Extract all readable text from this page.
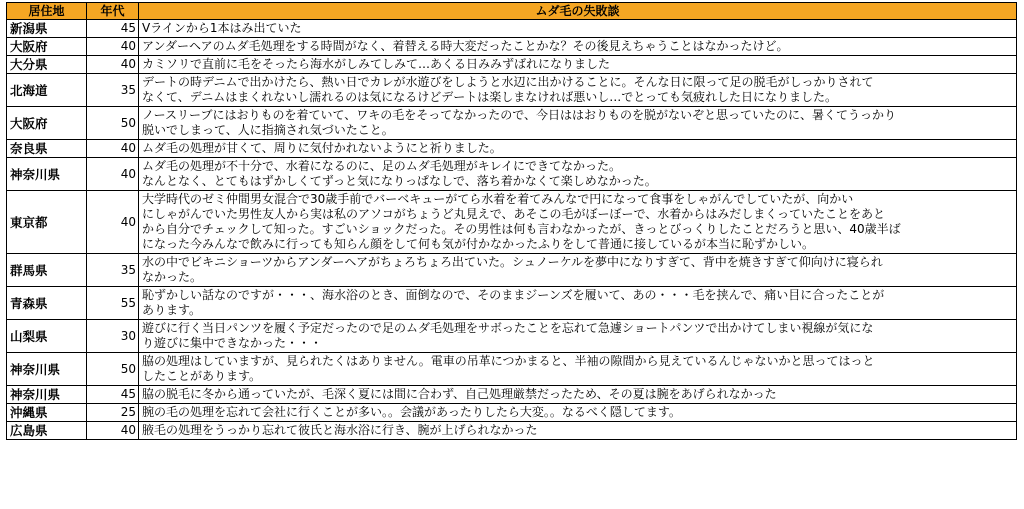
居住地	年代	ムダ毛の失敗談
新潟県	45	Vラインから1本はみ出ていた
大阪府	40	アンダーヘアのムダ毛処理をする時間がなく、着替える時大変だったことかな？その後見えちゃうことはなかったけど。
大分県	40	カミソリで直前に毛をそったら海水がしみてしみて…あくる日みみずばれになりました
北海道	35	デートの時デニムで出かけたら、熱い日でカレが水遊びをしようと水辺に出かけることに。そんな日に限って足の脱毛がしっかりされて
なくて、デニムはまくれないし濡れるのは気になるけどデートは楽しまなければ悪いし…でとっても気疲れした日になりました。
大阪府	50	ノースリーブにはおりものを着ていて、ワキの毛をそってなかったので、今日ははおりものを脱がないぞと思っていたのに、暑くてうっかり
脱いでしまって、人に指摘され気づいたこと。
奈良県	40	ムダ毛の処理が甘くて、周りに気付かれないようにと祈りました。
神奈川県	40	ムダ毛の処理が不十分で、水着になるのに、足のムダ毛処理がキレイにできてなかった。
なんとなく、とてもはずかしくてずっと気になりっぱなしで、落ち着かなくて楽しめなかった。
東京都	40	大学時代のゼミ仲間男女混合で30歳手前でバーベキューがてら水着を着てみんなで円になって食事をしゃがんでしていたが、向かい
にしゃがんでいた男性友人から実は私のアソコがちょうど丸見えで、あそこの毛がぼーぼーで、水着からはみだしまくっていたことをあと
から自分でチェックして知った。すごいショックだった。その男性は何も言わなかったが、きっとびっくりしたことだろうと思い、40歳半ば
になった今みんなで飲みに行っても知らん顔をして何も気が付かなかったふりをして普通に接しているが本当に恥ずかしい。
群馬県	35	水の中でビキニショーツからアンダーヘアがちょろちょろ出ていた。シュノーケルを夢中になりすぎて、背中を焼きすぎて仰向けに寝られ
なかった。
青森県	55	恥ずかしい話なのですが・・・、海水浴のとき、面倒なので、そのままジーンズを履いて、あの・・・毛を挟んで、痛い目に合ったことが
あります。
山梨県	30	遊びに行く当日パンツを履く予定だったので足のムダ毛処理をサボったことを忘れて急遽ショートパンツで出かけてしまい視線が気にな
り遊びに集中できなかった・・・
神奈川県	50	脇の処理はしていますが、見られたくはありません。電車の吊革につかまると、半袖の隙間から見えているんじゃないかと思ってはっと
したことがあります。
神奈川県	45	脇の脱毛に冬から通っていたが、毛深く夏には間に合わず、自己処理厳禁だったため、その夏は腕をあげられなかった
沖縄県	25	腕の毛の処理を忘れて会社に行くことが多い。。会議があったりしたら大変。。なるべく隠してます。
広島県	40	腋毛の処理をうっかり忘れて彼氏と海水浴に行き、腕が上げられなかった
